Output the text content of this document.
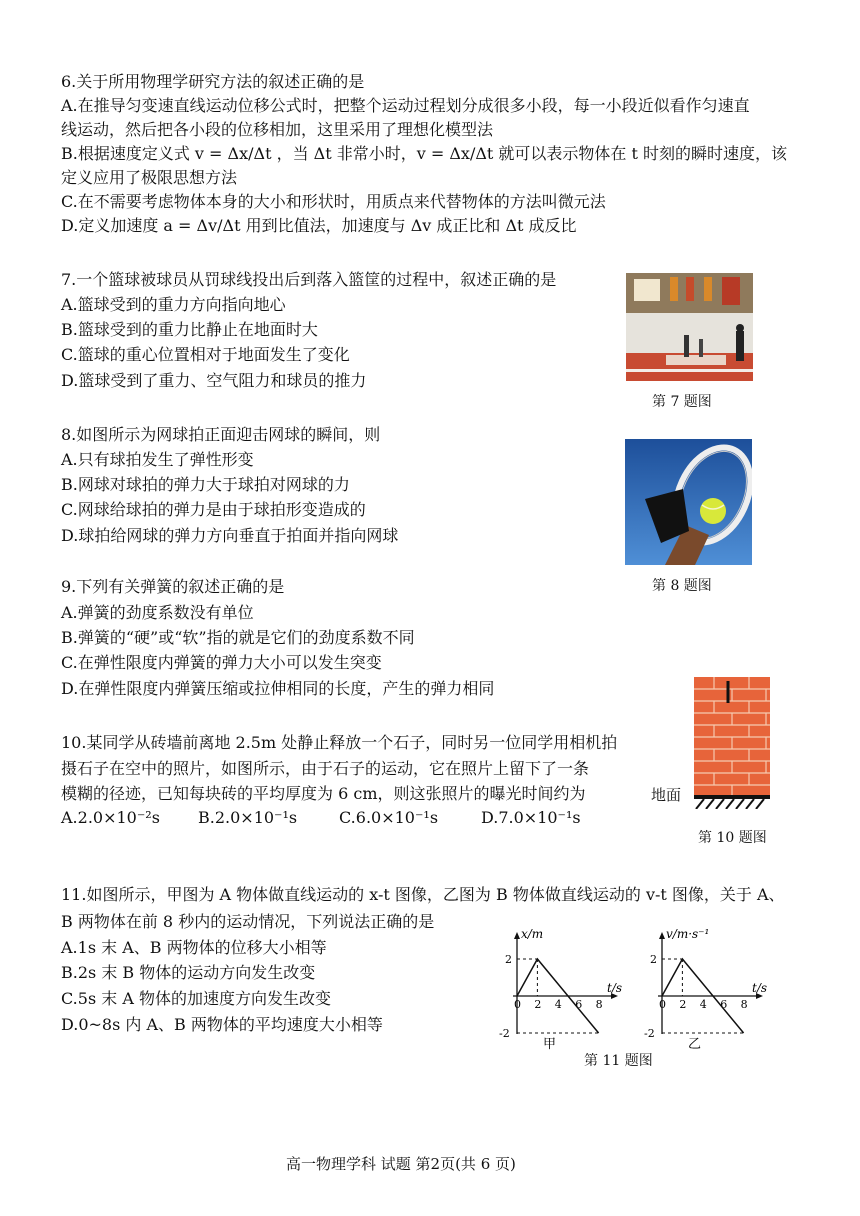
6.关于所用物理学研究方法的叙述正确的是
A.在推导匀变速直线运动位移公式时，把整个运动过程划分成很多小段，每一小段近似看作匀速直
线运动，然后把各小段的位移相加，这里采用了理想化模型法
B.根据速度定义式 v = Δx/Δt ，当 Δt 非常小时，v = Δx/Δt 就可以表示物体在 t 时刻的瞬时速度，该
定义应用了极限思想方法
C.在不需要考虑物体本身的大小和形状时，用质点来代替物体的方法叫微元法
D.定义加速度 a = Δv/Δt 用到比值法，加速度与 Δv 成正比和 Δt 成反比
7.一个篮球被球员从罚球线投出后到落入篮筐的过程中，叙述正确的是
A.篮球受到的重力方向指向地心
B.篮球受到的重力比静止在地面时大
C.篮球的重心位置相对于地面发生了变化
D.篮球受到了重力、空气阻力和球员的推力
第 7 题图
8.如图所示为网球拍正面迎击网球的瞬间，则
A.只有球拍发生了弹性形变
B.网球对球拍的弹力大于球拍对网球的力
C.网球给球拍的弹力是由于球拍形变造成的
D.球拍给网球的弹力方向垂直于拍面并指向网球
第 8 题图
9.下列有关弹簧的叙述正确的是
A.弹簧的劲度系数没有单位
B.弹簧的“硬”或“软”指的就是它们的劲度系数不同
C.在弹性限度内弹簧的弹力大小可以发生突变
D.在弹性限度内弹簧压缩或拉伸相同的长度，产生的弹力相同
10.某同学从砖墙前离地 2.5m 处静止释放一个石子，同时另一位同学用相机拍
摄石子在空中的照片，如图所示，由于石子的运动，它在照片上留下了一条
模糊的径迹，已知每块砖的平均厚度为 6 cm，则这张照片的曝光时间约为
A.2.0×10⁻²s B.2.0×10⁻¹s	C.6.0×10⁻¹s	D.7.0×10⁻¹s
地面
第 10 题图
11.如图所示，甲图为 A 物体做直线运动的 x-t 图像，乙图为 B 物体做直线运动的 v-t 图像，关于 A、
B 两物体在前 8 秒内的运动情况，下列说法正确的是
A.1s 末 A、B 两物体的位移大小相等
B.2s 末 B 物体的运动方向发生改变
C.5s 末 A 物体的加速度方向发生改变
D.0~8s 内 A、B 两物体的平均速度大小相等
x/m
t/s
2
-2
0 2 4 6 8
甲
v/m·s⁻¹
t/s
2
-2
0 2 4 6 8
乙
第 11 题图
高一物理学科 试题 第2页(共 6 页)
